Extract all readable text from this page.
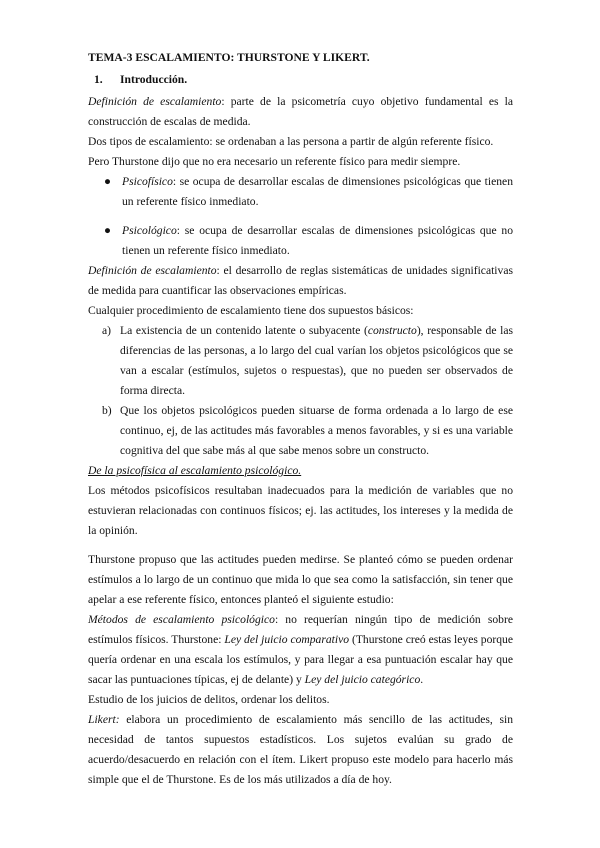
TEMA-3 ESCALAMIENTO: THURSTONE Y LIKERT.

1. Introducción.

Definición de escalamiento: parte de la psicometría cuyo objetivo fundamental es la construcción de escalas de medida.

Dos tipos de escalamiento: se ordenaban a las persona a partir de algún referente físico.

Pero Thurstone dijo que no era necesario un referente físico para medir siempre.

● Psicofísico: se ocupa de desarrollar escalas de dimensiones psicológicas que tienen un referente físico inmediato.

● Psicológico: se ocupa de desarrollar escalas de dimensiones psicológicas que no tienen un referente físico inmediato.

Definición de escalamiento: el desarrollo de reglas sistemáticas de unidades significativas de medida para cuantificar las observaciones empíricas.

Cualquier procedimiento de escalamiento tiene dos supuestos básicos:

a) La existencia de un contenido latente o subyacente (constructo), responsable de las diferencias de las personas, a lo largo del cual varían los objetos psicológicos que se van a escalar (estímulos, sujetos o respuestas), que no pueden ser observados de forma directa.

b) Que los objetos psicológicos pueden situarse de forma ordenada a lo largo de ese continuo, ej, de las actitudes más favorables a menos favorables, y si es una variable cognitiva del que sabe más al que sabe menos sobre un constructo.

De la psicofísica al escalamiento psicológico.

Los métodos psicofísicos resultaban inadecuados para la medición de variables que no estuvieran relacionadas con continuos físicos; ej. las actitudes, los intereses y la medida de la opinión.

Thurstone propuso que las actitudes pueden medirse. Se planteó cómo se pueden ordenar estímulos a lo largo de un continuo que mida lo que sea como la satisfacción, sin tener que apelar a ese referente físico, entonces planteó el siguiente estudio:

Métodos de escalamiento psicológico: no requerían ningún tipo de medición sobre estímulos físicos. Thurstone: Ley del juicio comparativo (Thurstone creó estas leyes porque quería ordenar en una escala los estímulos, y para llegar a esa puntuación escalar hay que sacar las puntuaciones típicas, ej de delante) y Ley del juicio categórico.

Estudio de los juicios de delitos, ordenar los delitos.

Likert: elabora un procedimiento de escalamiento más sencillo de las actitudes, sin necesidad de tantos supuestos estadísticos. Los sujetos evalúan su grado de acuerdo/desacuerdo en relación con el ítem. Likert propuso este modelo para hacerlo más simple que el de Thurstone. Es de los más utilizados a día de hoy.
